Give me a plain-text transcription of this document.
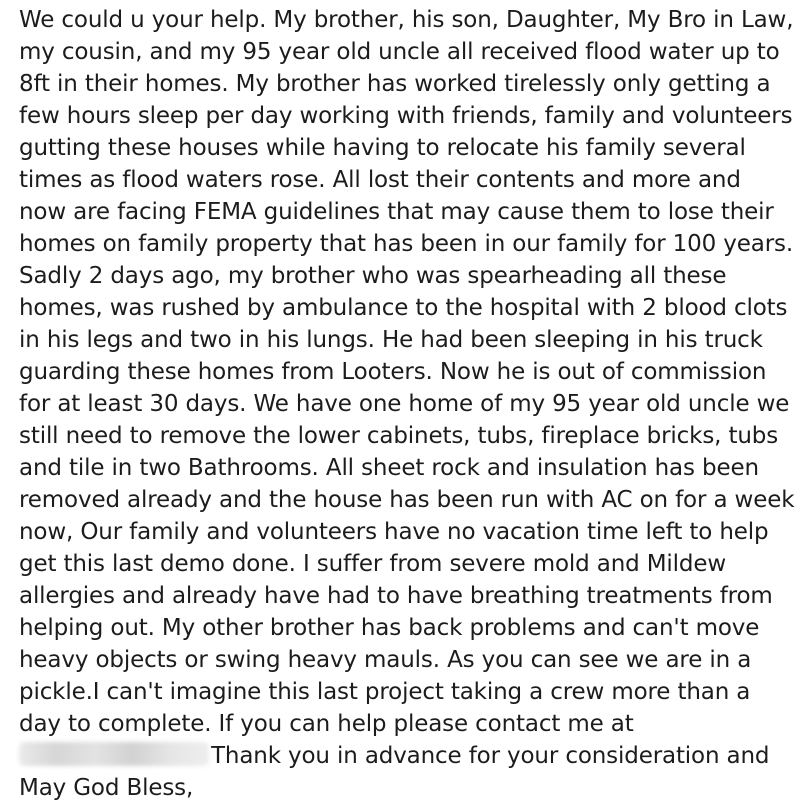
We could u your help. My brother, his son, Daughter, My Bro in Law,
my cousin, and my 95 year old uncle all received flood water up to
8ft in their homes. My brother has worked tirelessly only getting a
few hours sleep per day working with friends, family and volunteers
gutting these houses while having to relocate his family several
times as flood waters rose. All lost their contents and more and
now are facing FEMA guidelines that may cause them to lose their
homes on family property that has been in our family for 100 years.
Sadly 2 days ago, my brother who was spearheading all these
homes, was rushed by ambulance to the hospital with 2 blood clots
in his legs and two in his lungs. He had been sleeping in his truck
guarding these homes from Looters. Now he is out of commission
for at least 30 days. We have one home of my 95 year old uncle we
still need to remove the lower cabinets, tubs, fireplace bricks, tubs
and tile in two Bathrooms. All sheet rock and insulation has been
removed already and the house has been run with AC on for a week
now, Our family and volunteers have no vacation time left to help
get this last demo done. I suffer from severe mold and Mildew
allergies and already have had to have breathing treatments from
helping out. My other brother has back problems and can't move
heavy objects or swing heavy mauls. As you can see we are in a
pickle.I can't imagine this last project taking a crew more than a
day to complete. If you can help please contact me at
Thank you in advance for your consideration and
May God Bless,
